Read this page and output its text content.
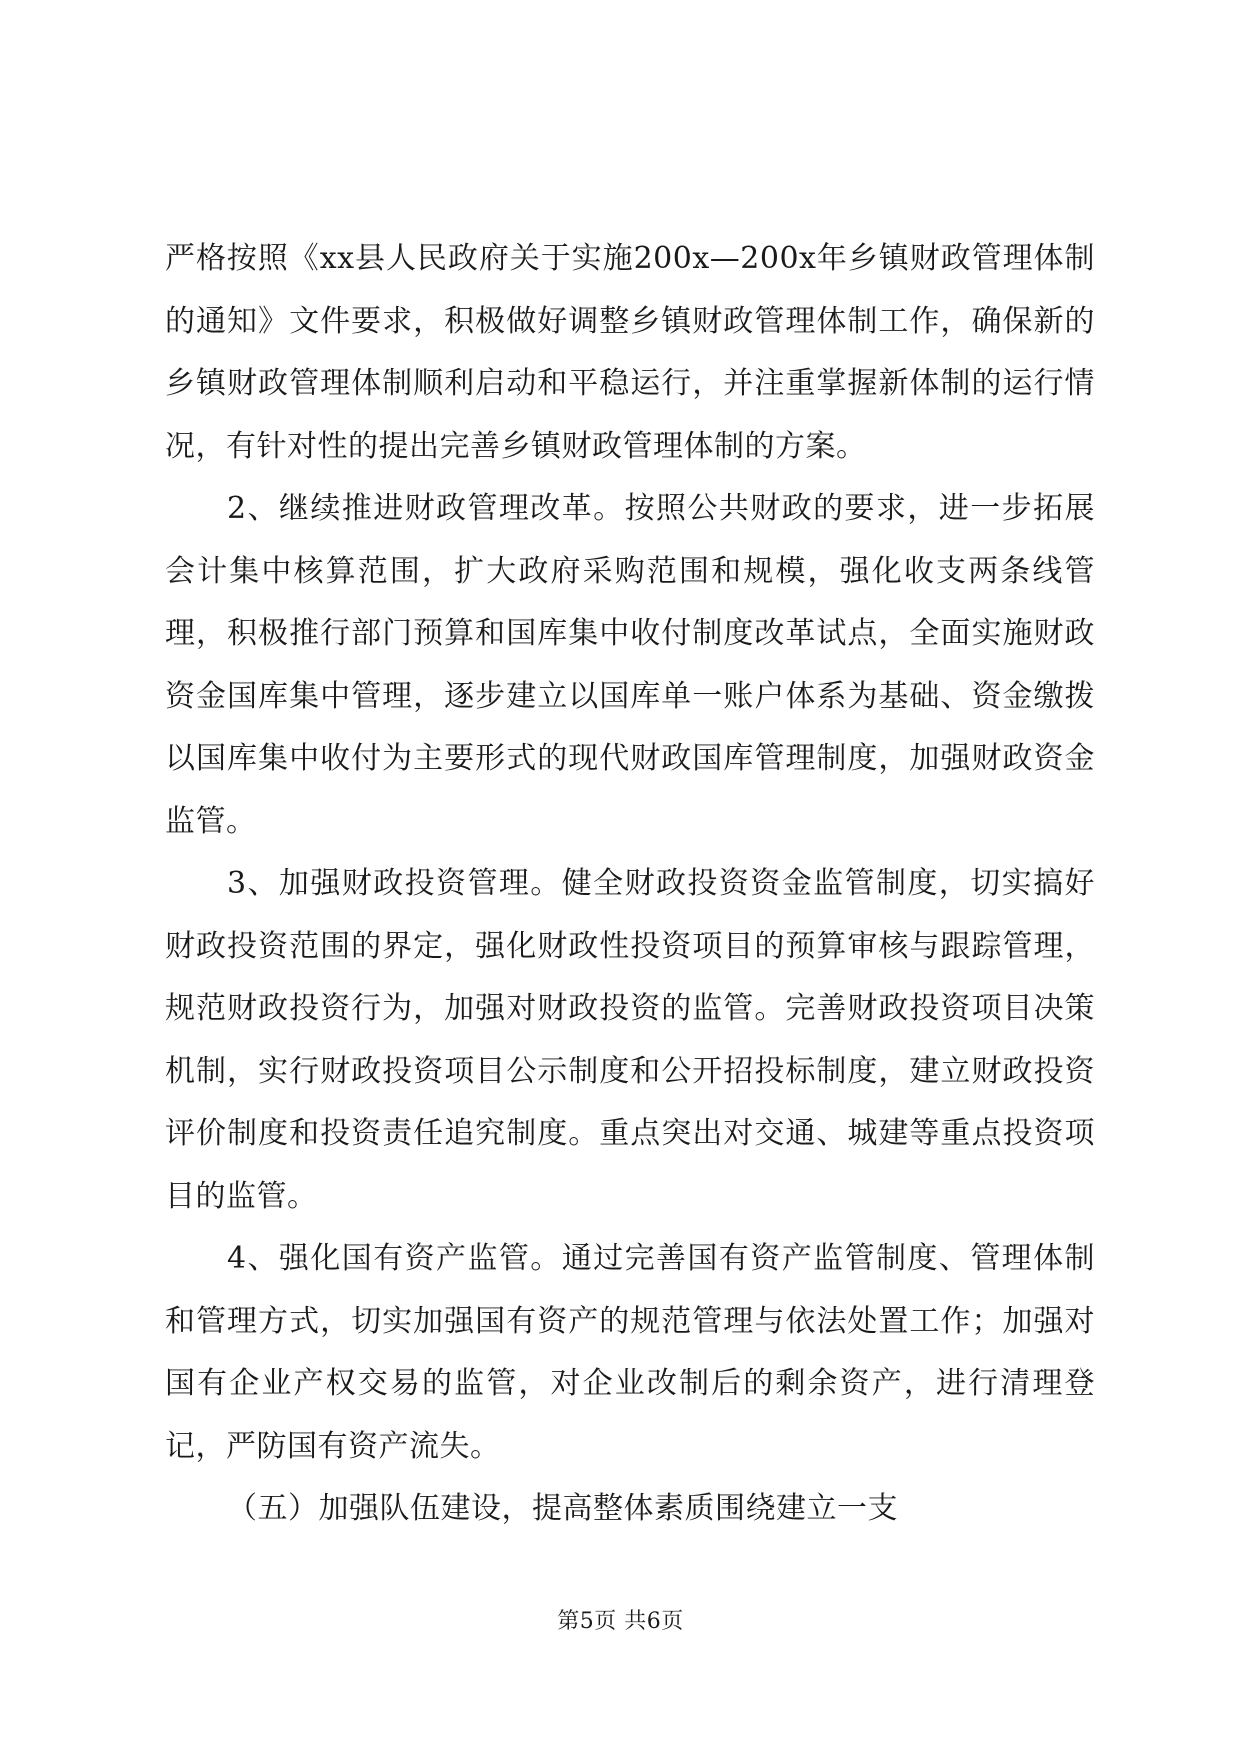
严格按照《xx县人民政府关于实施200x—200x年乡镇财政管理体制的通知》文件要求，积极做好调整乡镇财政管理体制工作，确保新的乡镇财政管理体制顺利启动和平稳运行，并注重掌握新体制的运行情况，有针对性的提出完善乡镇财政管理体制的方案。

2、继续推进财政管理改革。按照公共财政的要求，进一步拓展会计集中核算范围，扩大政府采购范围和规模，强化收支两条线管理，积极推行部门预算和国库集中收付制度改革试点，全面实施财政资金国库集中管理，逐步建立以国库单一账户体系为基础、资金缴拨以国库集中收付为主要形式的现代财政国库管理制度，加强财政资金监管。

3、加强财政投资管理。健全财政投资资金监管制度，切实搞好财政投资范围的界定，强化财政性投资项目的预算审核与跟踪管理，规范财政投资行为，加强对财政投资的监管。完善财政投资项目决策机制，实行财政投资项目公示制度和公开招投标制度，建立财政投资评价制度和投资责任追究制度。重点突出对交通、城建等重点投资项目的监管。

4、强化国有资产监管。通过完善国有资产监管制度、管理体制和管理方式，切实加强国有资产的规范管理与依法处置工作；加强对国有企业产权交易的监管，对企业改制后的剩余资产，进行清理登记，严防国有资产流失。

（五）加强队伍建设，提高整体素质围绕建立一支

第5页 共6页
